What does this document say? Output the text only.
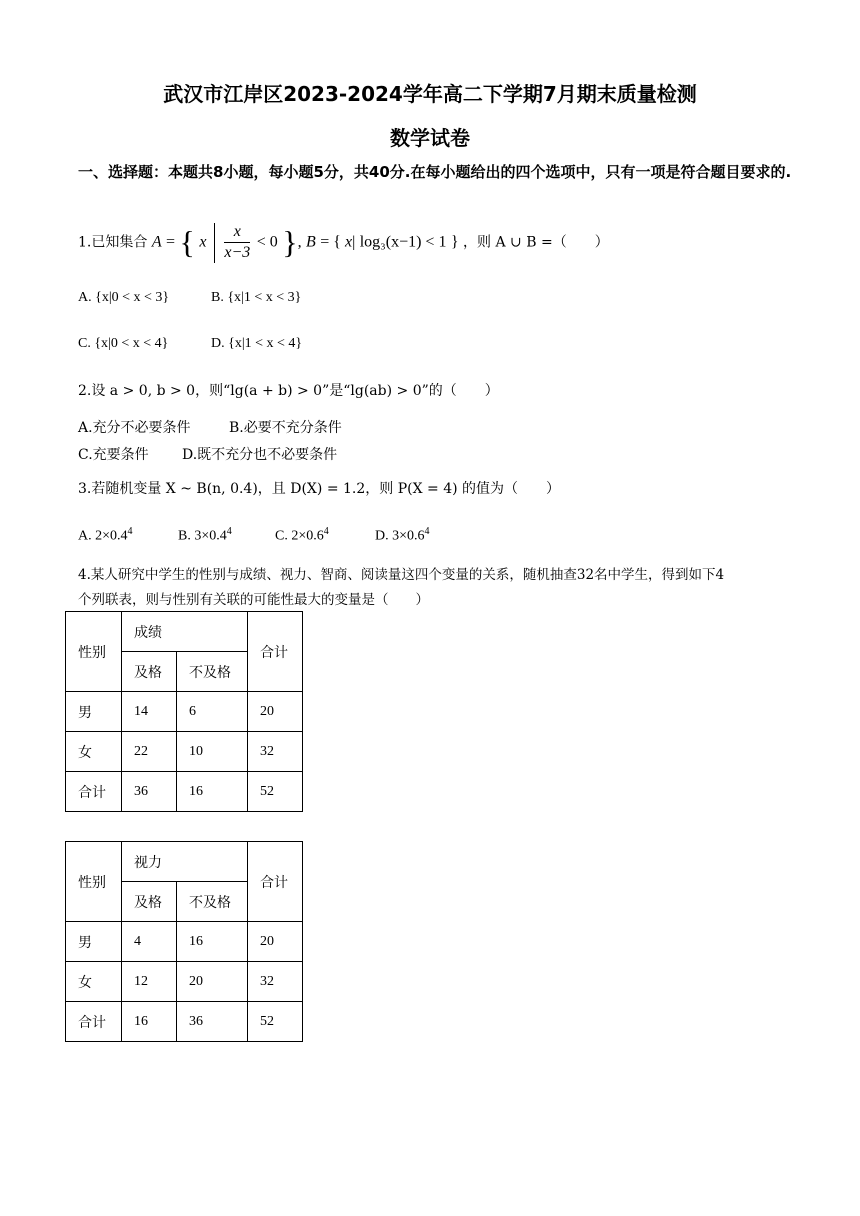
武汉市江岸区2023-2024学年高二下学期7月期末质量检测
数学试卷
一、选择题：本题共8小题，每小题5分，共40分.在每小题给出的四个选项中，只有一项是符合题目要求的.
1.已知集合 A = { x $\frac{x}{x-3} < 0$ }, B = { x| log₃(x−1) < 1 } ，则 A ∪ B =（　　）
A. {x|0 < x < 3}	B. {x|1 < x < 3}
C. {x|0 < x < 4}	D. {x|1 < x < 4}
2.设 a > 0, b > 0，则“lg(a + b) > 0”是“lg(ab) > 0”的（　　）
A.充分不必要条件	B.必要不充分条件
C.充要条件 D.既不充分也不必要条件
3.若随机变量 X ~ B(n, 0.4)，且 D(X) = 1.2，则 P(X = 4) 的值为（　　）
A. $2\times 0.4^4$	B. $3\times 0.4^4$	C. $2\times 0.6^4$	D. $3\times 0.6^4$
4.某人研究中学生的性别与成绩、视力、智商、阅读量这四个变量的关系，随机抽查32名中学生，得到如下4
个列联表，则与性别有关联的可能性最大的变量是（　　）
性别	成绩		合计
	及格	不及格	
男	14	6	20
女	22	10	32
合计	36	16	52
性别	视力		合计
	及格	不及格	
男	4	16	20
女	12	20	32
合计	16	36	52
